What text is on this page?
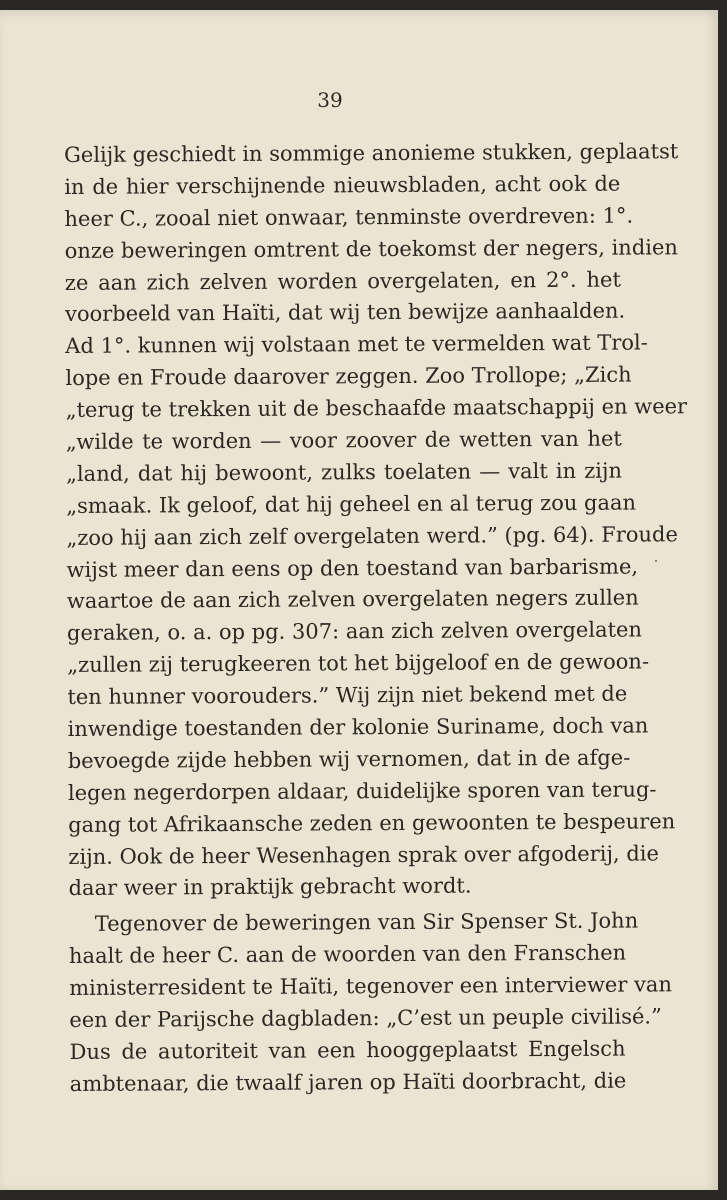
39
Gelijk geschiedt in sommige anonieme stukken, geplaatst
in de hier verschijnende nieuwsbladen, acht ook de
heer C., zooal niet onwaar, tenminste overdreven: 1°.
onze beweringen omtrent de toekomst der negers, indien
ze aan zich zelven worden overgelaten, en 2°. het
voorbeeld van Haïti, dat wij ten bewijze aanhaalden.
Ad 1°. kunnen wij volstaan met te vermelden wat Trol-
lope en Froude daarover zeggen. Zoo Trollope; „Zich
„terug te trekken uit de beschaafde maatschappij en weer
„wilde te worden — voor zoover de wetten van het
„land, dat hij bewoont, zulks toelaten — valt in zijn
„smaak. Ik geloof, dat hij geheel en al terug zou gaan
„zoo hij aan zich zelf overgelaten werd.” (pg. 64). Froude
wijst meer dan eens op den toestand van barbarisme,
waartoe de aan zich zelven overgelaten negers zullen
geraken, o. a. op pg. 307: aan zich zelven overgelaten
„zullen zij terugkeeren tot het bijgeloof en de gewoon-
ten hunner voorouders.” Wij zijn niet bekend met de
inwendige toestanden der kolonie Suriname, doch van
bevoegde zijde hebben wij vernomen, dat in de afge-
legen negerdorpen aldaar, duidelijke sporen van terug-
gang tot Afrikaansche zeden en gewoonten te bespeuren
zijn. Ook de heer Wesenhagen sprak over afgoderij, die
daar weer in praktijk gebracht wordt.
Tegenover de beweringen van Sir Spenser St. John
haalt de heer C. aan de woorden van den Franschen
ministerresident te Haïti, tegenover een interviewer van
een der Parijsche dagbladen: „C’est un peuple civilisé.”
Dus de autoriteit van een hooggeplaatst Engelsch
ambtenaar, die twaalf jaren op Haïti doorbracht, die
